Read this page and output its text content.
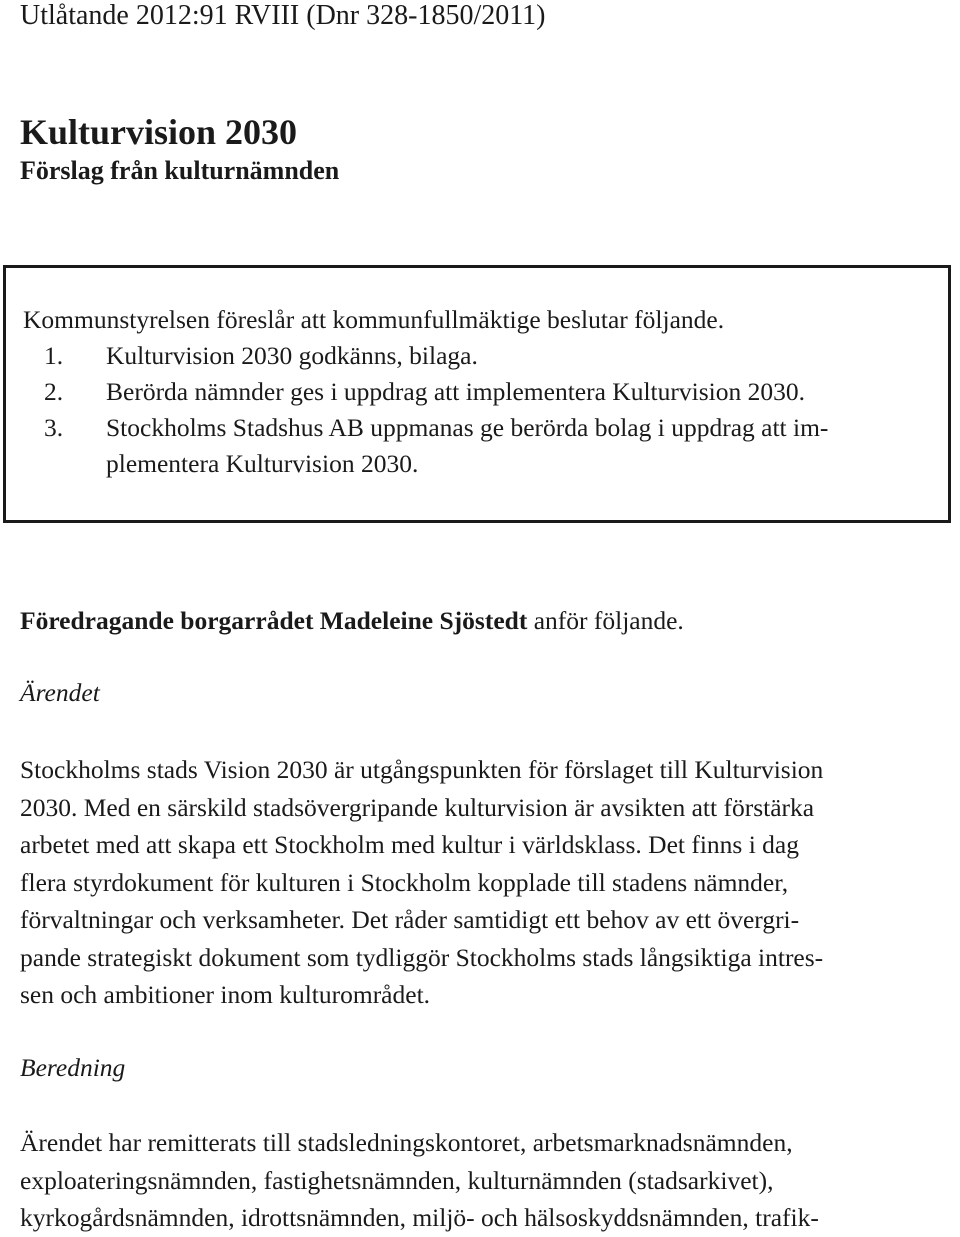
Utlåtande 2012:91 RVIII (Dnr 328-1850/2011)
Kulturvision 2030
Förslag från kulturnämnden
Kommunstyrelsen föreslår att kommunfullmäktige beslutar följande.
1. Kulturvision 2030 godkänns, bilaga.
2. Berörda nämnder ges i uppdrag att implementera Kulturvision 2030.
3. Stockholms Stadshus AB uppmanas ge berörda bolag i uppdrag att im-
plementera Kulturvision 2030.
Föredragande borgarrådet Madeleine Sjöstedt anför följande.
Ärendet
Stockholms stads Vision 2030 är utgångspunkten för förslaget till Kulturvision
2030. Med en särskild stadsövergripande kulturvision är avsikten att förstärka
arbetet med att skapa ett Stockholm med kultur i världsklass. Det finns i dag
flera styrdokument för kulturen i Stockholm kopplade till stadens nämnder,
förvaltningar och verksamheter. Det råder samtidigt ett behov av ett övergri-
pande strategiskt dokument som tydliggör Stockholms stads långsiktiga intres-
sen och ambitioner inom kulturområdet.
Beredning
Ärendet har remitterats till stadsledningskontoret, arbetsmarknadsnämnden,
exploateringsnämnden, fastighetsnämnden, kulturnämnden (stadsarkivet),
kyrkogårdsnämnden, idrottsnämnden, miljö- och hälsoskyddsnämnden, trafik-
